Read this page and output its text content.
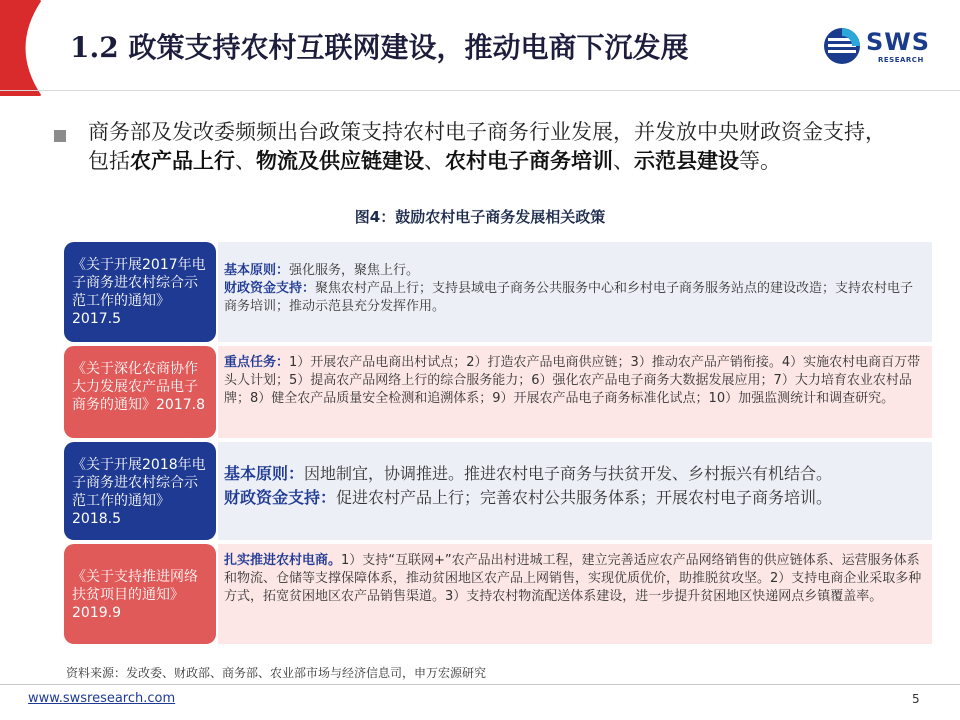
1.2 政策支持农村互联网建设，推动电商下沉发展	SWS
RESEARCH
商务部及发改委频频出台政策支持农村电子商务行业发展，并发放中央财政资金支持，包括农产品上行、物流及供应链建设、农村电子商务培训、示范县建设等。
图4：鼓励农村电子商务发展相关政策
《关于开展2017年电子商务进农村综合示范工作的通知》2017.5

基本原则：强化服务，聚焦上行。

财政资金支持：聚焦农村产品上行；支持县域电子商务公共服务中心和乡村电子商务服务站点的建设改造；支持农村电子商务培训；推动示范县充分发挥作用。

《关于深化农商协作大力发展农产品电子商务的通知》2017.8

重点任务：1）开展农产品电商出村试点；2）打造农产品电商供应链；3）推动农产品产销衔接。4）实施农村电商百万带头人计划；5）提高农产品网络上行的综合服务能力；6）强化农产品电子商务大数据发展应用；7）大力培育农业农村品牌；8）健全农产品质量安全检测和追溯体系；9）开展农产品电子商务标准化试点；10）加强监测统计和调查研究。

《关于开展2018年电子商务进农村综合示范工作的通知》2018.5

基本原则：因地制宜，协调推进。推进农村电子商务与扶贫开发、乡村振兴有机结合。

财政资金支持：促进农村产品上行；完善农村公共服务体系；开展农村电子商务培训。

《关于支持推进网络扶贫项目的通知》2019.9

扎实推进农村电商。1）支持“互联网+”农产品出村进城工程，建立完善适应农产品网络销售的供应链体系、运营服务体系和物流、仓储等支撑保障体系，推动贫困地区农产品上网销售，实现优质优价，助推脱贫攻坚。2）支持电商企业采取多种方式，拓宽贫困地区农产品销售渠道。3）支持农村物流配送体系建设，进一步提升贫困地区快递网点乡镇覆盖率。

资料来源：发改委、财政部、商务部、农业部市场与经济信息司，申万宏源研究
www.swsresearch.com	5
